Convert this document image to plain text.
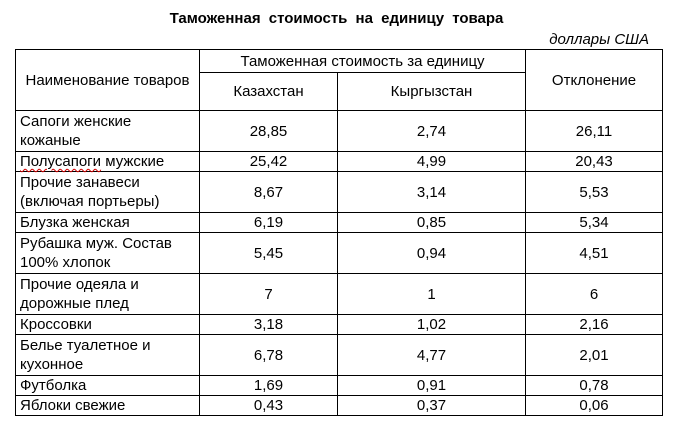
Таможенная стоимость на единицу товара
доллары США
Наименование товаров	Таможенная стоимость за единицу		Отклонение
	Казахстан	Кыргызстан	
Сапоги женские кожаные	28,85	2,74	26,11
Полусапоги мужские	25,42	4,99	20,43
Прочие занавеси (включая портьеры)	8,67	3,14	5,53
Блузка женская	6,19	0,85	5,34
Рубашка муж. Состав 100% хлопок	5,45	0,94	4,51
Прочие одеяла и дорожные плед	7	1	6
Кроссовки	3,18	1,02	2,16
Белье туалетное и кухонное	6,78	4,77	2,01
Футболка	1,69	0,91	0,78
Яблоки свежие	0,43	0,37	0,06
